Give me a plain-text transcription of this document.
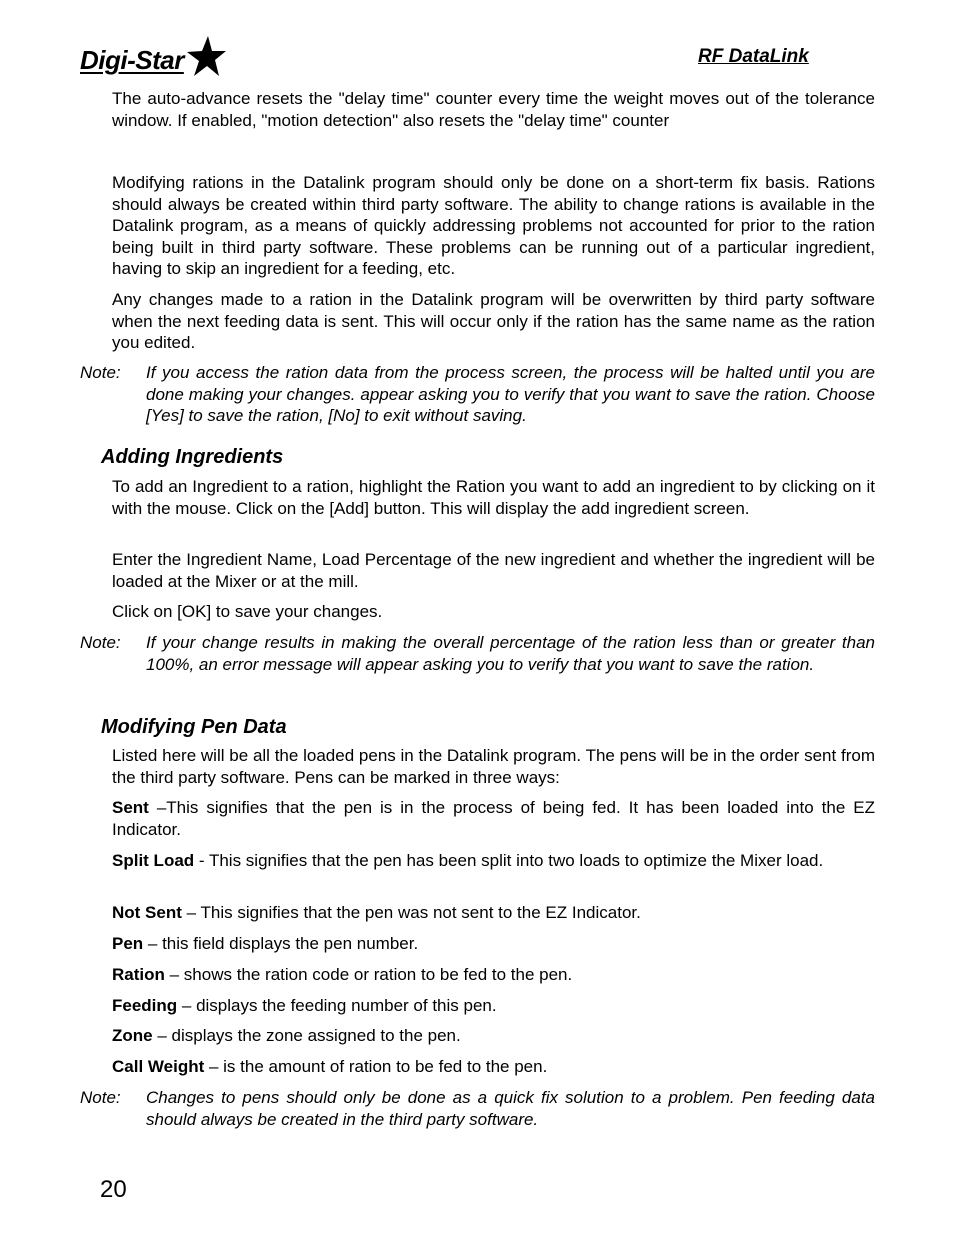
Digi-Star	RF DataLink

The auto-advance resets the "delay time" counter every time the weight moves out of the tolerance window. If enabled, "motion detection" also resets the "delay time" counter

Modifying rations in the Datalink program should only be done on a short-term fix basis. Rations should always be created within third party software. The ability to change rations is available in the Datalink program, as a means of quickly addressing problems not accounted for prior to the ration being built in third party software. These problems can be running out of a particular ingredient, having to skip an ingredient for a feeding, etc.

Any changes made to a ration in the Datalink program will be overwritten by third party software when the next feeding data is sent. This will occur only if the ration has the same name as the ration you edited.

Note: If you access the ration data from the process screen, the process will be halted until you are done making your changes. appear asking you to verify that you want to save the ration. Choose [Yes] to save the ration, [No] to exit without saving.
Adding Ingredients

To add an Ingredient to a ration, highlight the Ration you want to add an ingredient to by clicking on it with the mouse. Click on the [Add] button. This will display the add ingredient screen.

Enter the Ingredient Name, Load Percentage of the new ingredient and whether the ingredient will be loaded at the Mixer or at the mill.

Click on [OK] to save your changes.

Note: If your change results in making the overall percentage of the ration less than or greater than 100%, an error message will appear asking you to verify that you want to save the ration.
Modifying Pen Data

Listed here will be all the loaded pens in the Datalink program. The pens will be in the order sent from the third party software. Pens can be marked in three ways:

Sent –This signifies that the pen is in the process of being fed. It has been loaded into the EZ Indicator.

Split Load - This signifies that the pen has been split into two loads to optimize the Mixer load.

Not Sent – This signifies that the pen was not sent to the EZ Indicator.

Pen – this field displays the pen number.

Ration – shows the ration code or ration to be fed to the pen.

Feeding – displays the feeding number of this pen.

Zone – displays the zone assigned to the pen.

Call Weight – is the amount of ration to be fed to the pen.

Note: Changes to pens should only be done as a quick fix solution to a problem. Pen feeding data should always be created in the third party software.
20
